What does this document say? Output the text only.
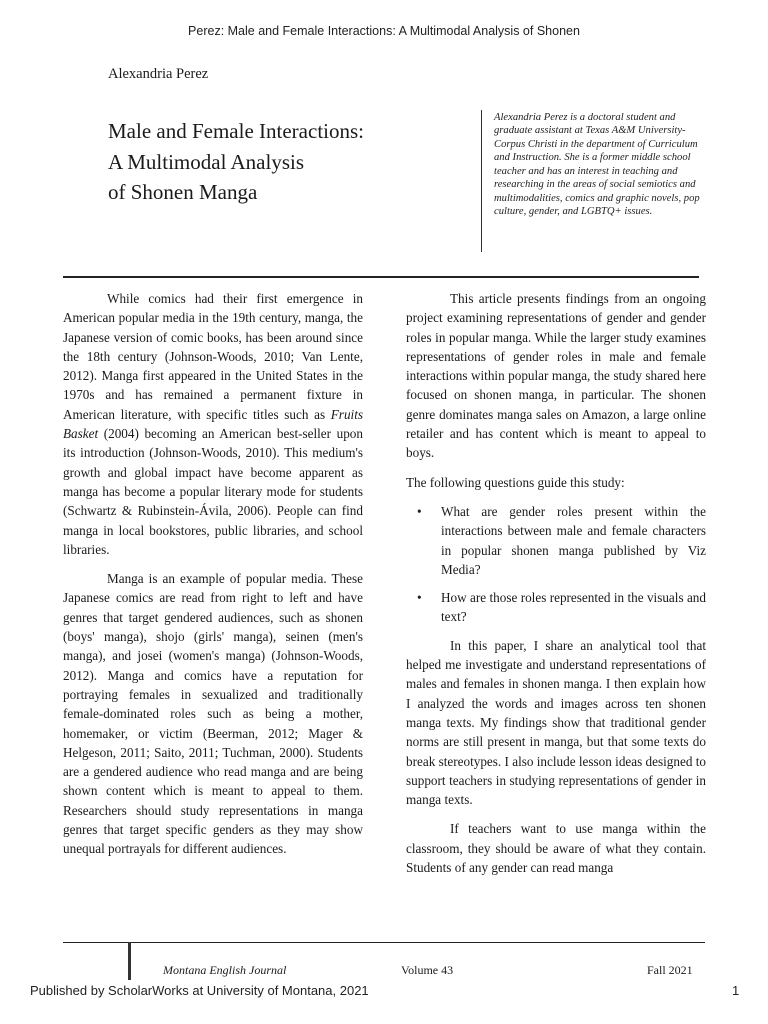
Perez: Male and Female Interactions: A Multimodal Analysis of Shonen
Alexandria Perez
Male and Female Interactions:
A Multimodal Analysis
of Shonen Manga
Alexandria Perez is a doctoral student and graduate assistant at Texas A&M University-Corpus Christi in the department of Curriculum and Instruction. She is a former middle school teacher and has an interest in teaching and researching in the areas of social semiotics and multimodalities, comics and graphic novels, pop culture, gender, and LGBTQ+ issues.

While comics had their first emergence in American popular media in the 19th century, manga, the Japanese version of comic books, has been around since the 18th century (Johnson-Woods, 2010; Van Lente, 2012). Manga first appeared in the United States in the 1970s and has remained a permanent fixture in American literature, with specific titles such as Fruits Basket (2004) becoming an American best-seller upon its introduction (Johnson-Woods, 2010). This medium's growth and global impact have become apparent as manga has become a popular literary mode for students (Schwartz & Rubinstein-Ávila, 2006). People can find manga in local bookstores, public libraries, and school libraries.

Manga is an example of popular media. These Japanese comics are read from right to left and have genres that target gendered audiences, such as shonen (boys' manga), shojo (girls' manga), seinen (men's manga), and josei (women's manga) (Johnson-Woods, 2012). Manga and comics have a reputation for portraying females in sexualized and traditionally female-dominated roles such as being a mother, homemaker, or victim (Beerman, 2012; Mager & Helgeson, 2011; Saito, 2011; Tuchman, 2000). Students are a gendered audience who read manga and are being shown content which is meant to appeal to them. Researchers should study representations in manga genres that target specific genders as they may show unequal portrayals for different audiences.

This article presents findings from an ongoing project examining representations of gender and gender roles in popular manga. While the larger study examines representations of gender roles in male and female interactions within popular manga, the study shared here focused on shonen manga, in particular. The shonen genre dominates manga sales on Amazon, a large online retailer and has content which is meant to appeal to boys.

The following questions guide this study:

• What are gender roles present within the interactions between male and female characters in popular shonen manga published by Viz Media?
• How are those roles represented in the visuals and text?

In this paper, I share an analytical tool that helped me investigate and understand representations of males and females in shonen manga. I then explain how I analyzed the words and images across ten shonen manga texts. My findings show that traditional gender norms are still present in manga, but that some texts do break stereotypes. I also include lesson ideas designed to support teachers in studying representations of gender in manga texts.

If teachers want to use manga within the classroom, they should be aware of what they contain. Students of any gender can read manga

Montana English Journal	Volume 43	Fall 2021
Published by ScholarWorks at University of Montana, 2021	1
